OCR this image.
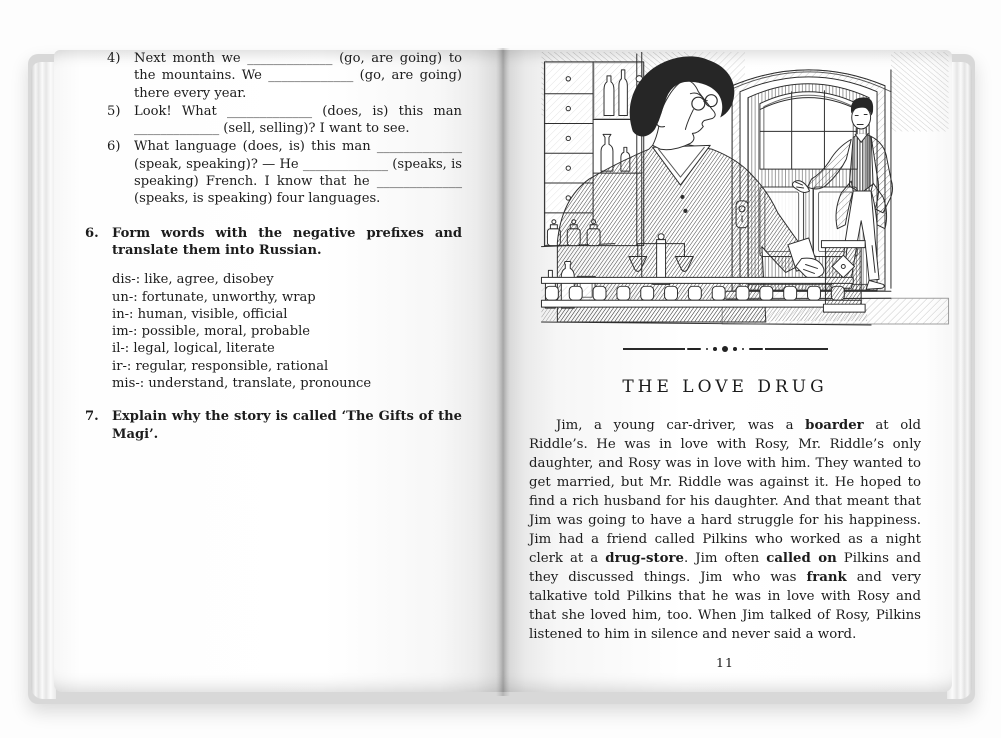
4)	Next month we _____________ (go, are going) to the mountains. We _____________ (go, are going) there every year.
5)	Look! What _____________ (does, is) this man _____________ (sell, selling)? I want to see.
6)	What language (does, is) this man _____________ (speak, speaking)? — He _____________ (speaks, is speaking) French. I know that he _____________ (speaks, is speaking) four languages.
6.	Form words with the negative prefixes and translate them into Russian.
dis-: like, agree, disobey
un-: fortunate, unworthy, wrap
in-: human, visible, official
im-: possible, moral, probable
il-: legal, logical, literate
ir-: regular, responsible, rational
mis-: understand, translate, pronounce
7.	Explain why the story is called ‘The Gifts of the Magi’.
THE LOVE DRUG
Jim, a young car-driver, was a boarder at old Riddle’s. He was in love with Rosy, Mr. Riddle’s only daughter, and Rosy was in love with him. They wanted to get married, but Mr. Riddle was against it. He hoped to find a rich husband for his daughter. And that meant that Jim was going to have a hard struggle for his happiness. Jim had a friend called Pilkins who worked as a night clerk at a drug-store. Jim often called on Pilkins and they discussed things. Jim who was frank and very talkative told Pilkins that he was in love with Rosy and that she loved him, too. When Jim talked of Rosy, Pilkins listened to him in silence and never said a word.
11
